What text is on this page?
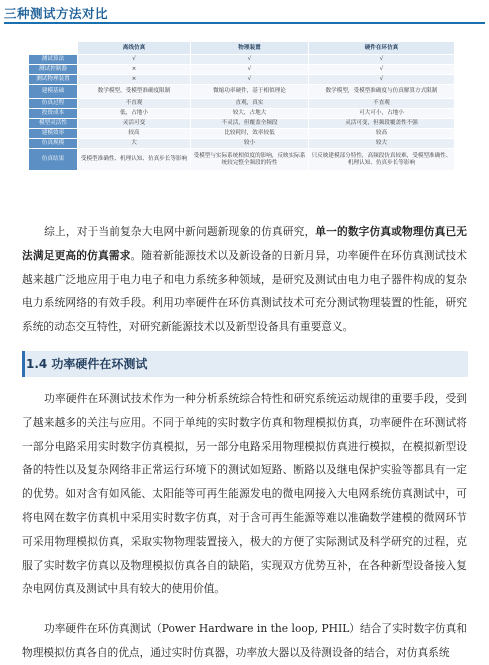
三种测试方法对比
	离线仿真	物理装置	硬件在环仿真
测试算法	√	√	√
测试控制器	×	√	√
测试物理装置	×	√	√
建模基础	数学模型，受模型准确度限制	微缩功率硬件，基于相似理论	数学模型，受模型准确度与仿真解算方式限制
仿真过程	不直观	直观，真实	不直观
投资成本	低，占地小	较大，占地大	可大可小，占地小
模型灵活性	灵活可变	不灵活，但覆盖全频段	灵活可变，但频段覆盖性不强
建模效率	较高	比较耗时，效率较低	较高
仿真规模	大	较小	较大
仿真结果	受模型准确性、机理认知、仿真步长等影响	受模型与实际系统相似度的影响，反映实际系统较完整全频段的特性	只反映建模部分特性，高频段仿真较难，受模型准确性、机理认知、仿真步长等影响
综上，对于当前复杂大电网中新问题新现象的仿真研究，单一的数字仿真或物理仿真已无法满足更高的仿真需求。随着新能源技术以及新设备的日新月异，功率硬件在环仿真测试技术越来越广泛地应用于电力电子和电力系统多种领域，是研究及测试由电力电子器件构成的复杂电力系统网络的有效手段。利用功率硬件在环仿真测试技术可充分测试物理装置的性能，研究系统的动态交互特性，对研究新能源技术以及新型设备具有重要意义。
1.4 功率硬件在环测试
功率硬件在环测试技术作为一种分析系统综合特性和研究系统运动规律的重要手段，受到了越来越多的关注与应用。不同于单纯的实时数字仿真和物理模拟仿真，功率硬件在环测试将一部分电路采用实时数字仿真模拟，另一部分电路采用物理模拟仿真进行模拟，在模拟新型设备的特性以及复杂网络非正常运行环境下的测试如短路、断路以及继电保护实验等都具有一定的优势。如对含有如风能、太阳能等可再生能源发电的微电网接入大电网系统仿真测试中，可将电网在数字仿真机中采用实时数字仿真，对于含可再生能源等难以准确数学建模的微网环节可采用物理模拟仿真，采取实物物理装置接入，极大的方便了实际测试及科学研究的过程，克服了实时数字仿真以及物理模拟仿真各自的缺陷，实现双方优势互补，在各种新型设备接入复杂电网仿真及测试中具有较大的使用价值。
功率硬件在环仿真测试（Power Hardware in the loop, PHIL）结合了实时数字仿真和物理模拟仿真各自的优点，通过实时仿真器，功率放大器以及待测设备的结合，对仿真系统
